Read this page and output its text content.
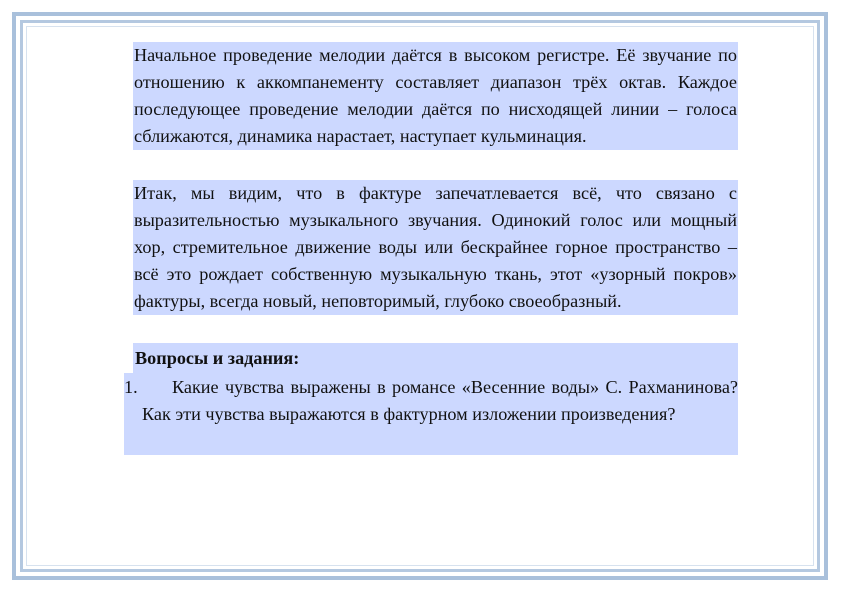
Начальное проведение мелодии даётся в высоком регистре. Её звучание по отношению к аккомпанементу составляет диапазон трёх октав. Каждое последующее проведение мелодии даётся по нисходящей линии – голоса сближаются, динамика нарастает, наступает кульминация.
Итак, мы видим, что в фактуре запечатлевается всё, что связано с выразительностью музыкального звучания. Одинокий голос или мощный хор, стремительное движение воды или бескрайнее горное пространство – всё это рождает собственную музыкальную ткань, этот «узорный покров» фактуры, всегда новый, неповторимый, глубоко своеобразный.
Вопросы и задания:
1.	Какие чувства выражены в романсе «Весенние воды» С. Рахманинова? Как эти чувства выражаются в фактурном изложении произведения?
